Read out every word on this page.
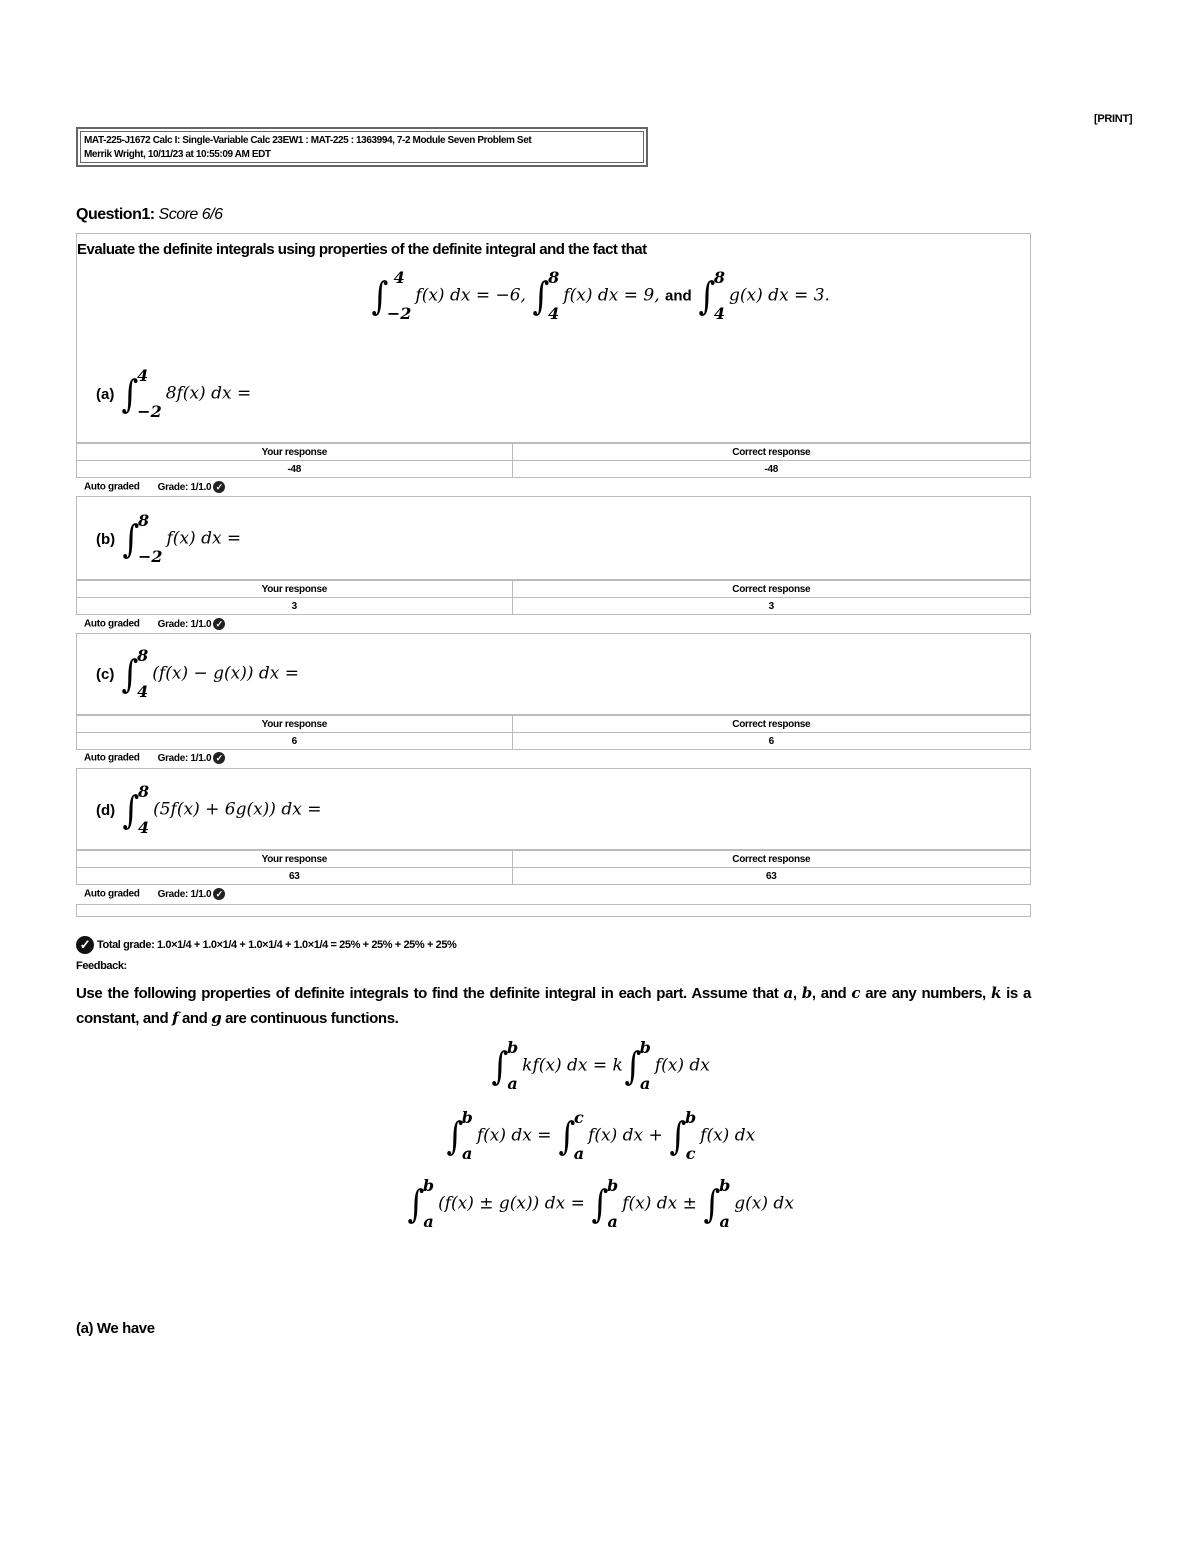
[PRINT]
MAT-225-J1672 Calc I: Single-Variable Calc 23EW1 : MAT-225 : 1363994, 7-2 Module Seven Problem Set
Merrik Wright, 10/11/23 at 10:55:09 AM EDT
Question1: Score 6/6
Evaluate the definite integrals using properties of the definite integral and the fact that
∫ 4
−2
f(x) dx = −6, ∫
8
4
f(x) dx = 9, and ∫
8
4
g(x) dx = 3.
(a) ∫
4
−2
8f(x) dx =
Your response	Correct response
-48	-48
Auto graded Grade: 1/1.0 ✓
(b) ∫
8
−2
f(x) dx =
Your response	Correct response
3	3
Auto graded Grade: 1/1.0 ✓
(c) ∫
8
4
(f(x) − g(x)) dx =
Your response	Correct response
6	6
Auto graded Grade: 1/1.0 ✓
(d) ∫
8
4
(5f(x) + 6g(x)) dx =
Your response	Correct response
63	63
Auto graded Grade: 1/1.0 ✓
✓ Total grade: 1.0×1/4 + 1.0×1/4 + 1.0×1/4 + 1.0×1/4 = 25% + 25% + 25% + 25%
Feedback:
Use the following properties of definite integrals to find the definite integral in each part. Assume that a, b, and c are any numbers, k is a constant, and f and g are continuous functions.
∫
b
a
kf(x) dx = k∫
b
a
f(x) dx
∫
b
a
f(x) dx = ∫
c
a
f(x) dx + ∫
b
c
f(x) dx
∫
b
a
(f(x) ± g(x)) dx = ∫
b
a
f(x) dx ± ∫
b
a
g(x) dx
(a) We have
